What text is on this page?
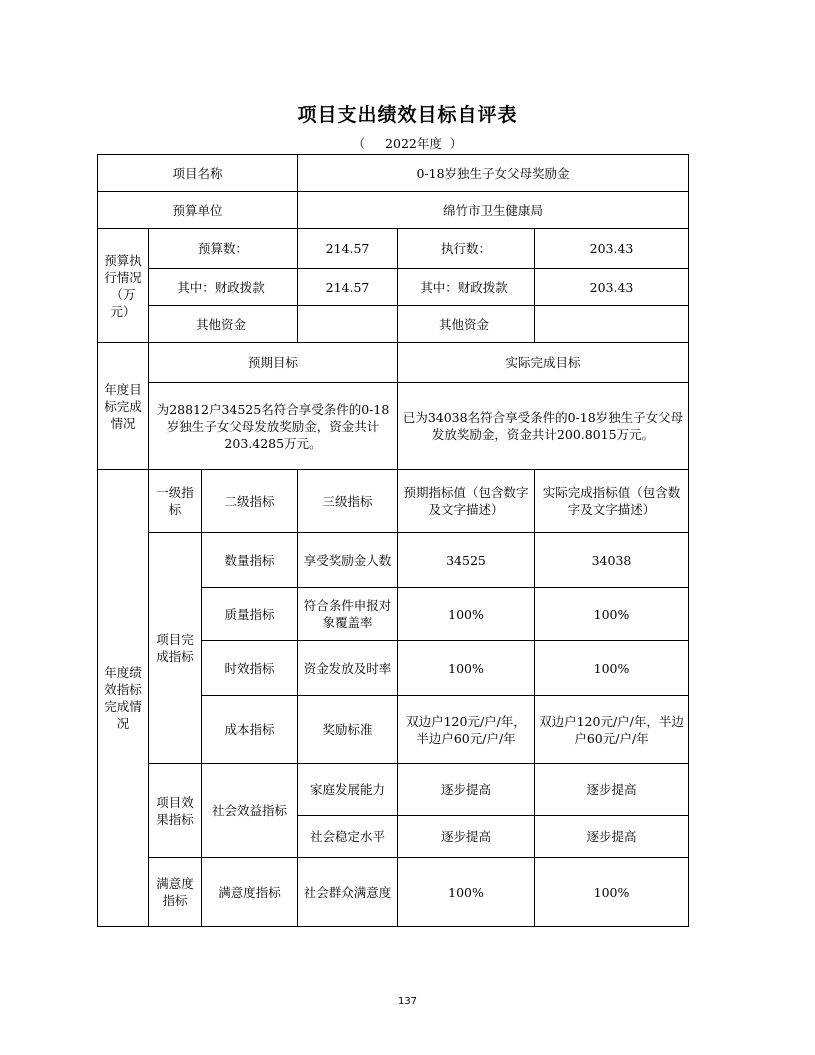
项目支出绩效目标自评表
（     2022年度  ）
项目名称			0-18岁独生子女父母奖励金		
预算单位			绵竹市卫生健康局		
预算执行情况（万元）	预算数：		214.57	执行数：	203.43
	其中：财政拨款		214.57	其中：财政拨款	203.43
	其他资金			其他资金	
年度目标完成情况	预期目标			实际完成目标	
	为28812户34525名符合享受条件的0-18岁独生子女父母发放奖励金，资金共计203.4285万元。			已为34038名符合享受条件的0-18岁独生子女父母发放奖励金，资金共计200.8015万元。	
年度绩效指标完成情况	一级指标	二级指标	三级指标	预期指标值（包含数字及文字描述）	实际完成指标值（包含数字及文字描述）
	项目完成指标	数量指标	享受奖励金人数	34525	34038
		质量指标	符合条件申报对象覆盖率	100%	100%
		时效指标	资金发放及时率	100%	100%
		成本指标	奖励标准	双边户120元/户/年，半边户60元/户/年	双边户120元/户/年，半边户60元/户/年
	项目效果指标	社会效益指标	家庭发展能力	逐步提高	逐步提高
			社会稳定水平	逐步提高	逐步提高
	满意度指标	满意度指标	社会群众满意度	100%	100%
137
